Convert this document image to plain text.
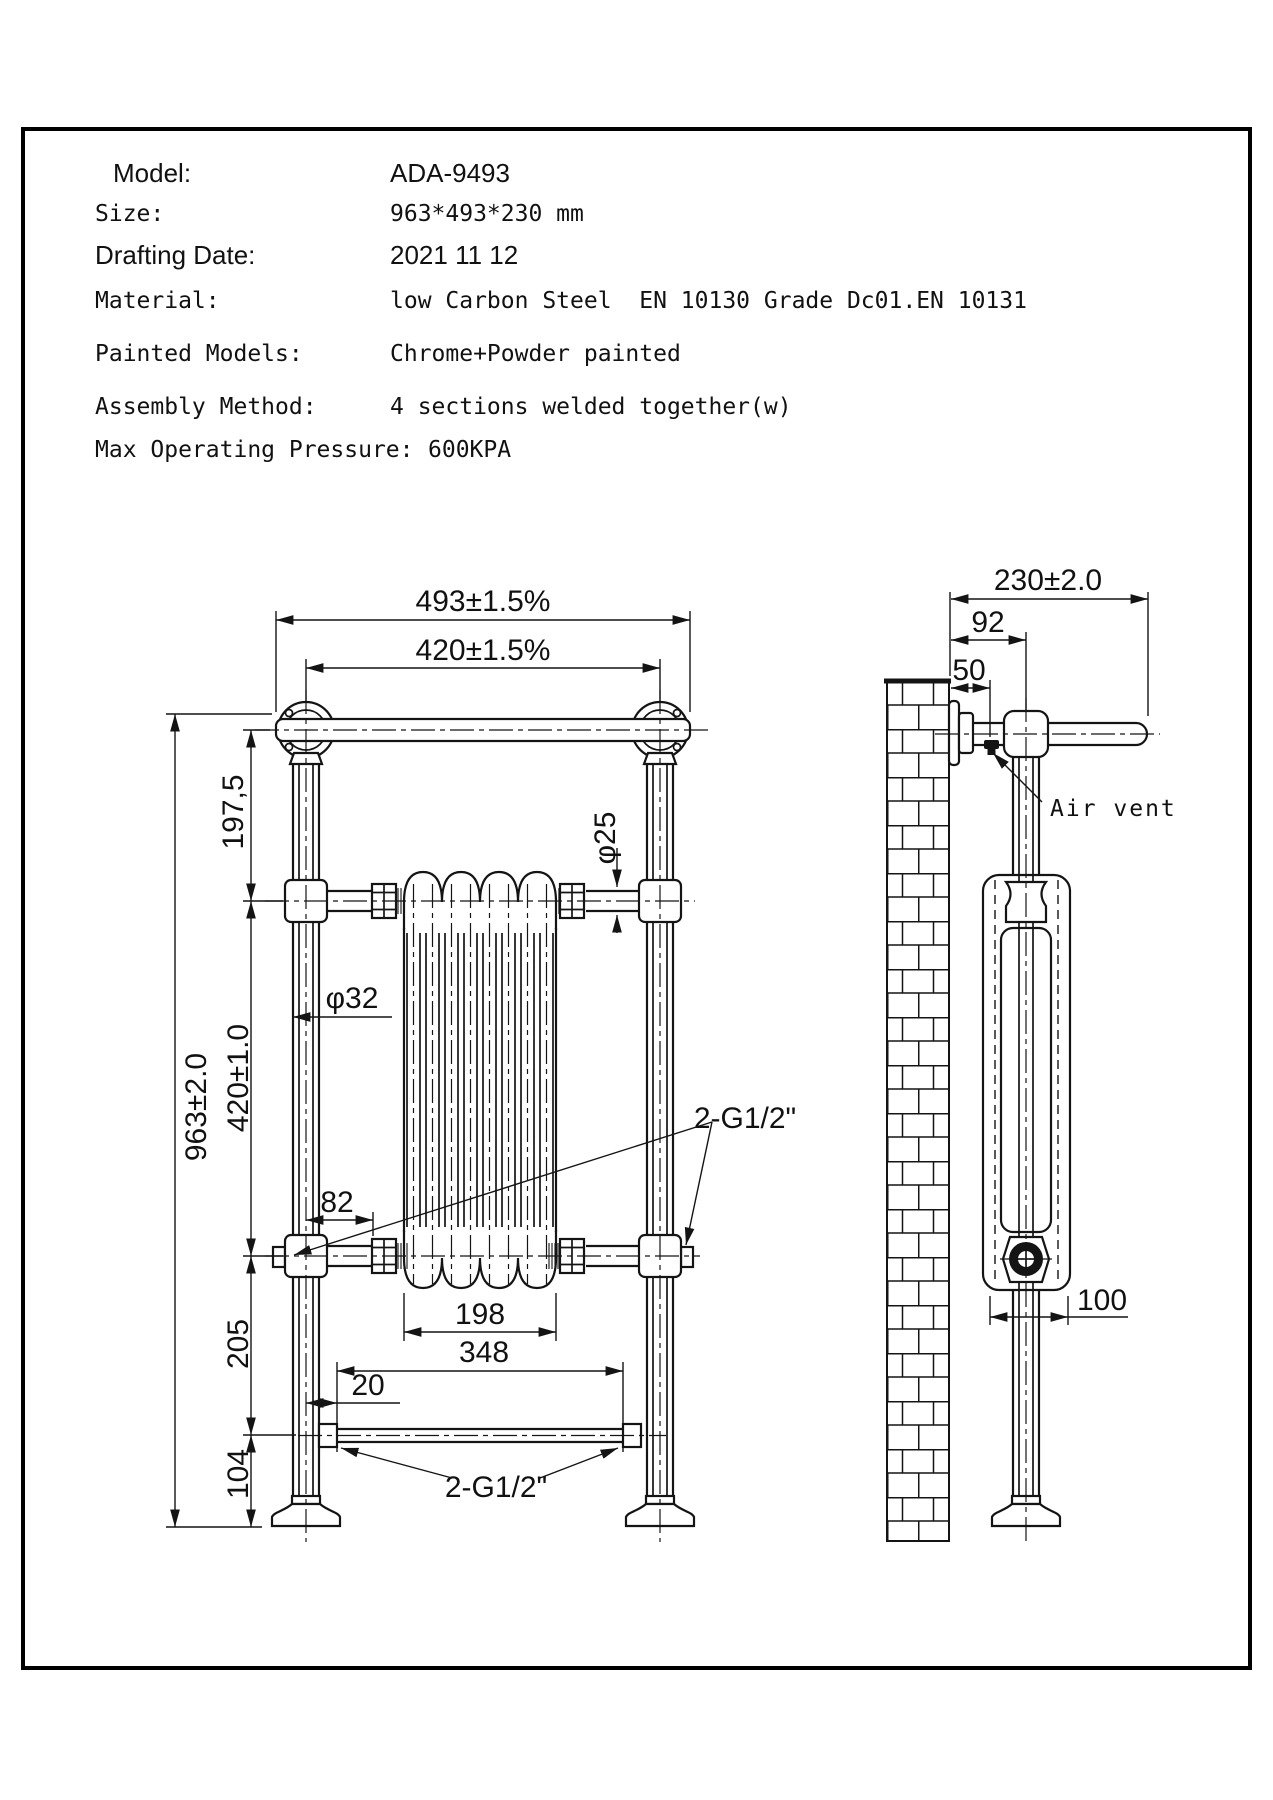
Model:	ADA-9493
Size:	963*493*230 mm
Drafting Date:	2021 11 12
Material:	low Carbon Steel  EN 10130 Grade Dc01.EN 10131
Painted Models:	Chrome+Powder painted
Assembly Method:	4 sections welded together(w)
Max Operating Pressure: 600KPA
493±1.5%
420±1.5%
197,5	φ25
φ32
963±2.0 420±1.0
82
2-G1/2"
198
348
20
205
104	2-G1/2"
230±2.0
92
50
Air vent
100
